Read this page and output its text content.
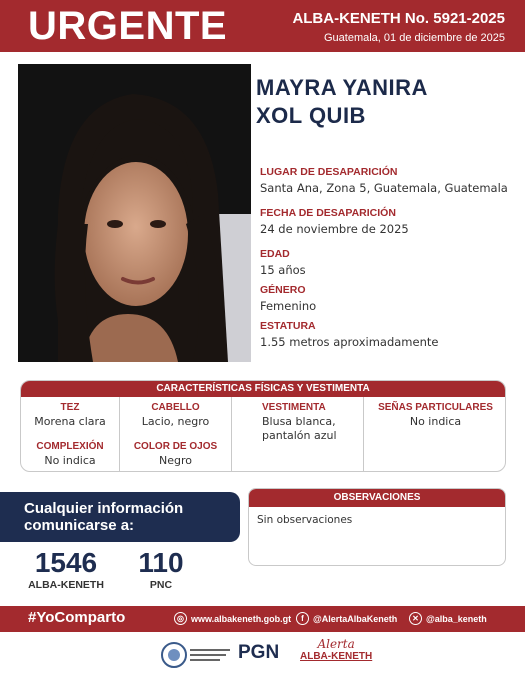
URGENTE	ALBA-KENETH No. 5921-2025
Guatemala, 01 de diciembre de 2025
MAYRA YANIRA
XOL QUIB
LUGAR DE DESAPARICIÓN
Santa Ana, Zona 5, Guatemala, Guatemala
FECHA DE DESAPARICIÓN
24 de noviembre de 2025
EDAD
15 años
GÉNERO
Femenino
ESTATURA
1.55 metros aproximadamente
CARACTERÍSTICAS FÍSICAS Y VESTIMENTA
TEZ
Morena clara
COMPLEXIÓN
No indica
CABELLO
Lacio, negro
COLOR DE OJOS
Negro
VESTIMENTA
Blusa blanca,
pantalón azul
SEÑAS PARTICULARES
No indica
Cualquier información
comunicarse a:
1546
ALBA-KENETH
110
PNC
OBSERVACIONES
Sin observaciones
#YoComparto	◎ www.albakeneth.gob.gt	f	@AlertaAlbaKeneth	✕ @alba_keneth
PGN	Alerta
ALBA-KENETH
